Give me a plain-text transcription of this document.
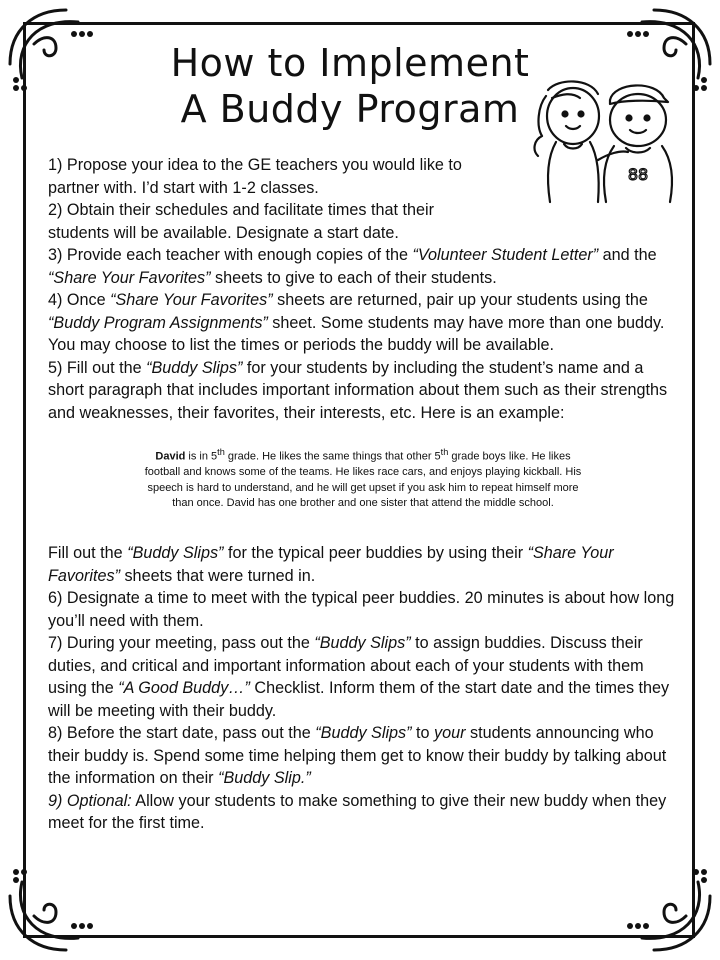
How to Implement
A Buddy Program
88

1) Propose your idea to the GE teachers you would like to partner with. I’d start with 1-2 classes.

2) Obtain their schedules and facilitate times that their students will be available. Designate a start date.

3) Provide each teacher with enough copies of the “Volunteer Student Letter” and the “Share Your Favorites” sheets to give to each of their students.

4) Once “Share Your Favorites” sheets are returned, pair up your students using the “Buddy Program Assignments” sheet. Some students may have more than one buddy. You may choose to list the times or periods the buddy will be available.

5) Fill out the “Buddy Slips” for your students by including the student’s name and a short paragraph that includes important information about them such as their strengths and weaknesses, their favorites, their interests, etc. Here is an example:

David is in 5th grade. He likes the same things that other 5th grade boys like. He likes football and knows some of the teams. He likes race cars, and enjoys playing kickball. His speech is hard to understand, and he will get upset if you ask him to repeat himself more than once. David has one brother and one sister that attend the middle school.

Fill out the “Buddy Slips” for the typical peer buddies by using their “Share Your Favorites” sheets that were turned in.

6) Designate a time to meet with the typical peer buddies. 20 minutes is about how long you’ll need with them.

7) During your meeting, pass out the “Buddy Slips” to assign buddies. Discuss their duties, and critical and important information about each of your students with them using the “A Good Buddy…” Checklist. Inform them of the start date and the times they will be meeting with their buddy.

8) Before the start date, pass out the “Buddy Slips” to your students announcing who their buddy is. Spend some time helping them get to know their buddy by talking about the information on their “Buddy Slip.”

9) Optional: Allow your students to make something to give their new buddy when they meet for the first time.
